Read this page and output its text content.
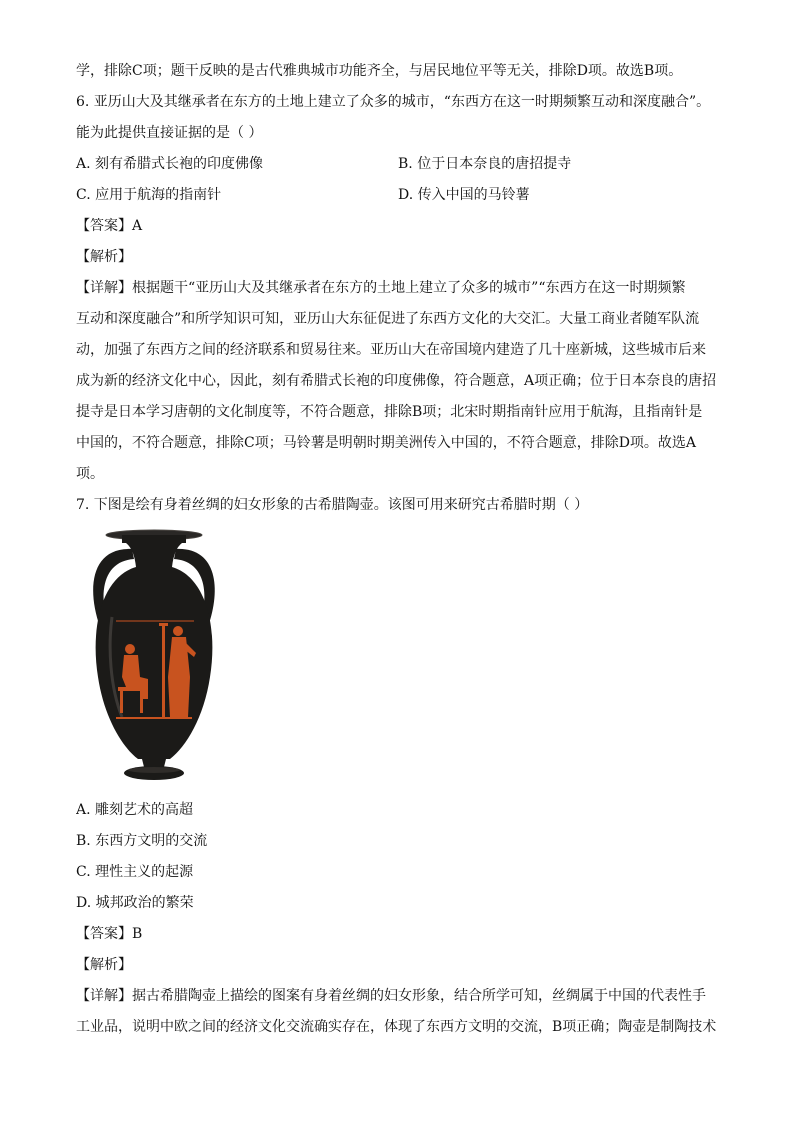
学，排除C项；题干反映的是古代雅典城市功能齐全，与居民地位平等无关，排除D项。故选B项。
6. 亚历山大及其继承者在东方的土地上建立了众多的城市，“东西方在这一时期频繁互动和深度融合”。
能为此提供直接证据的是（ ）
A. 刻有希腊式长袍的印度佛像	B. 位于日本奈良的唐招提寺
C. 应用于航海的指南针	D. 传入中国的马铃薯
【答案】A
【解析】
【详解】根据题干“亚历山大及其继承者在东方的土地上建立了众多的城市”“东西方在这一时期频繁
互动和深度融合”和所学知识可知，亚历山大东征促进了东西方文化的大交汇。大量工商业者随军队流
动，加强了东西方之间的经济联系和贸易往来。亚历山大在帝国境内建造了几十座新城，这些城市后来
成为新的经济文化中心，因此，刻有希腊式长袍的印度佛像，符合题意，A项正确；位于日本奈良的唐招
提寺是日本学习唐朝的文化制度等，不符合题意，排除B项；北宋时期指南针应用于航海，且指南针是
中国的，不符合题意，排除C项；马铃薯是明朝时期美洲传入中国的，不符合题意，排除D项。故选A
项。
7. 下图是绘有身着丝绸的妇女形象的古希腊陶壶。该图可用来研究古希腊时期（ ）
A. 雕刻艺术的高超
B. 东西方文明的交流
C. 理性主义的起源
D. 城邦政治的繁荣
【答案】B
【解析】
【详解】据古希腊陶壶上描绘的图案有身着丝绸的妇女形象，结合所学可知，丝绸属于中国的代表性手
工业品，说明中欧之间的经济文化交流确实存在，体现了东西方文明的交流，B项正确；陶壶是制陶技术
